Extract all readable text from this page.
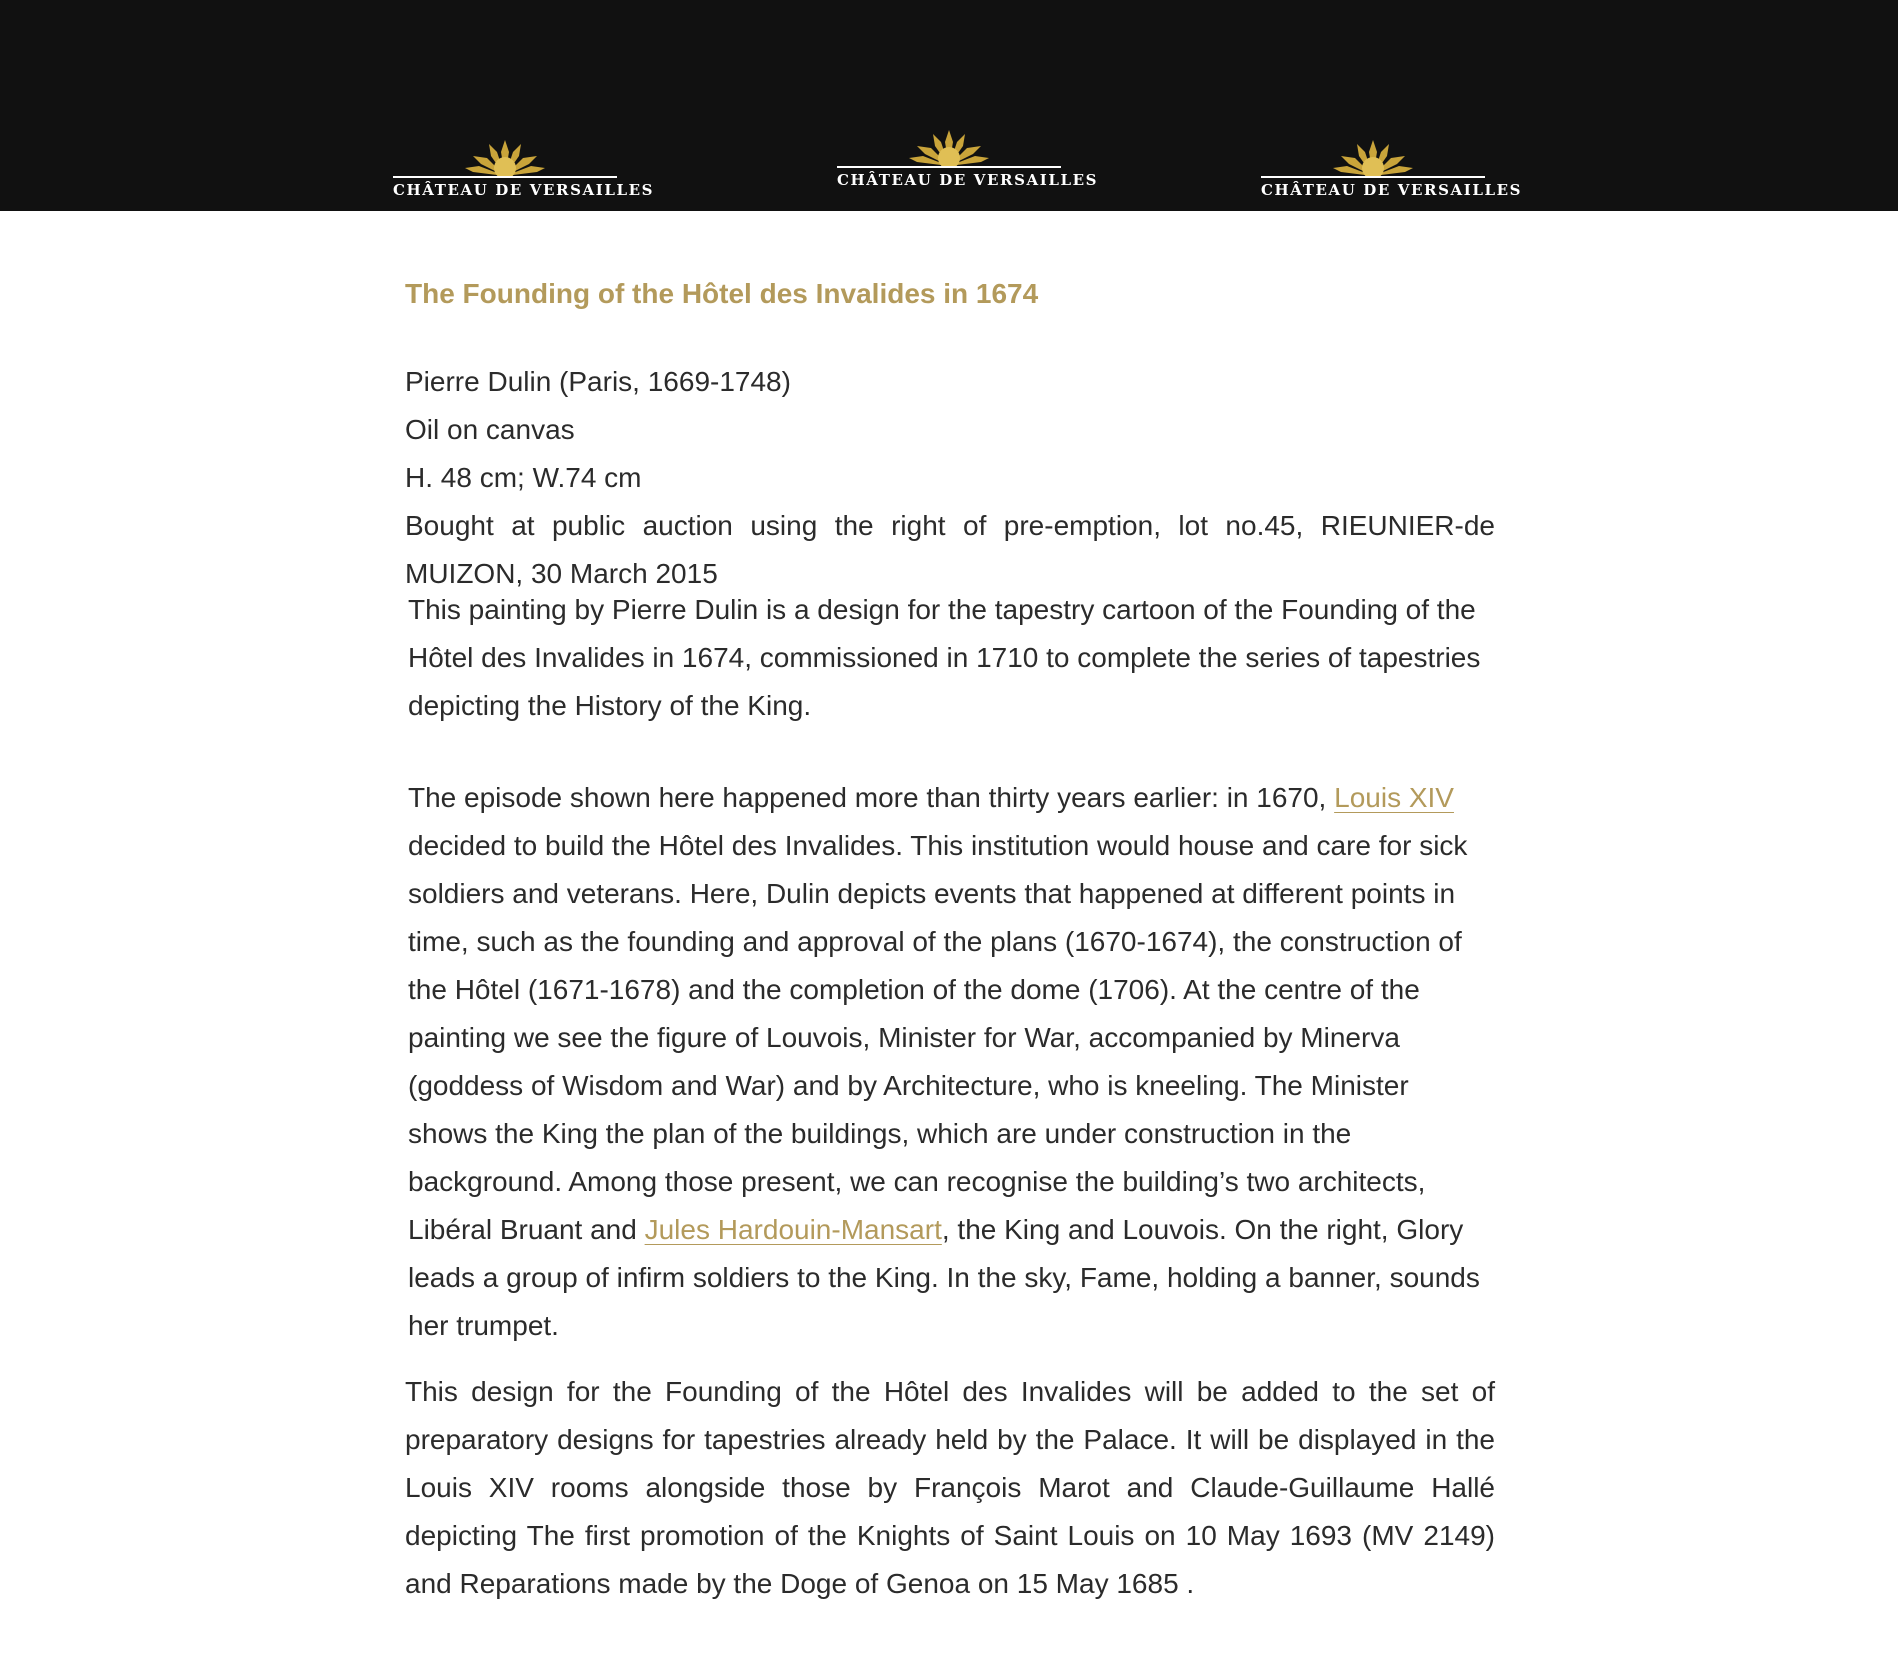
CHÂTEAU DE VERSAILLES
CHÂTEAU DE VERSAILLES
CHÂTEAU DE VERSAILLES
The Founding of the Hôtel des Invalides in 1674

Pierre Dulin (Paris, 1669-1748)

Oil on canvas

H. 48 cm; W.74 cm

Bought at public auction using the right of pre-emption, lot no.45, RIEUNIER-de MUIZON, 30 March 2015

This painting by Pierre Dulin is a design for the tapestry cartoon of the Founding of the Hôtel des Invalides in 1674, commissioned in 1710 to complete the series of tapestries depicting the History of the King.

The episode shown here happened more than thirty years earlier: in 1670, Louis XIV decided to build the Hôtel des Invalides. This institution would house and care for sick soldiers and veterans. Here, Dulin depicts events that happened at different points in time, such as the founding and approval of the plans (1670-1674), the construction of the Hôtel (1671-1678) and the completion of the dome (1706). At the centre of the painting we see the figure of Louvois, Minister for War, accompanied by Minerva (goddess of Wisdom and War) and by Architecture, who is kneeling. The Minister shows the King the plan of the buildings, which are under construction in the background. Among those present, we can recognise the building’s two architects, Libéral Bruant and Jules Hardouin-Mansart, the King and Louvois. On the right, Glory leads a group of infirm soldiers to the King. In the sky, Fame, holding a banner, sounds her trumpet.

This design for the Founding of the Hôtel des Invalides will be added to the set of preparatory designs for tapestries already held by the Palace. It will be displayed in the Louis XIV rooms alongside those by François Marot and Claude-Guillaume Hallé depicting The first promotion of the Knights of Saint Louis on 10 May 1693 (MV 2149) and Reparations made by the Doge of Genoa on 15 May 1685 .
